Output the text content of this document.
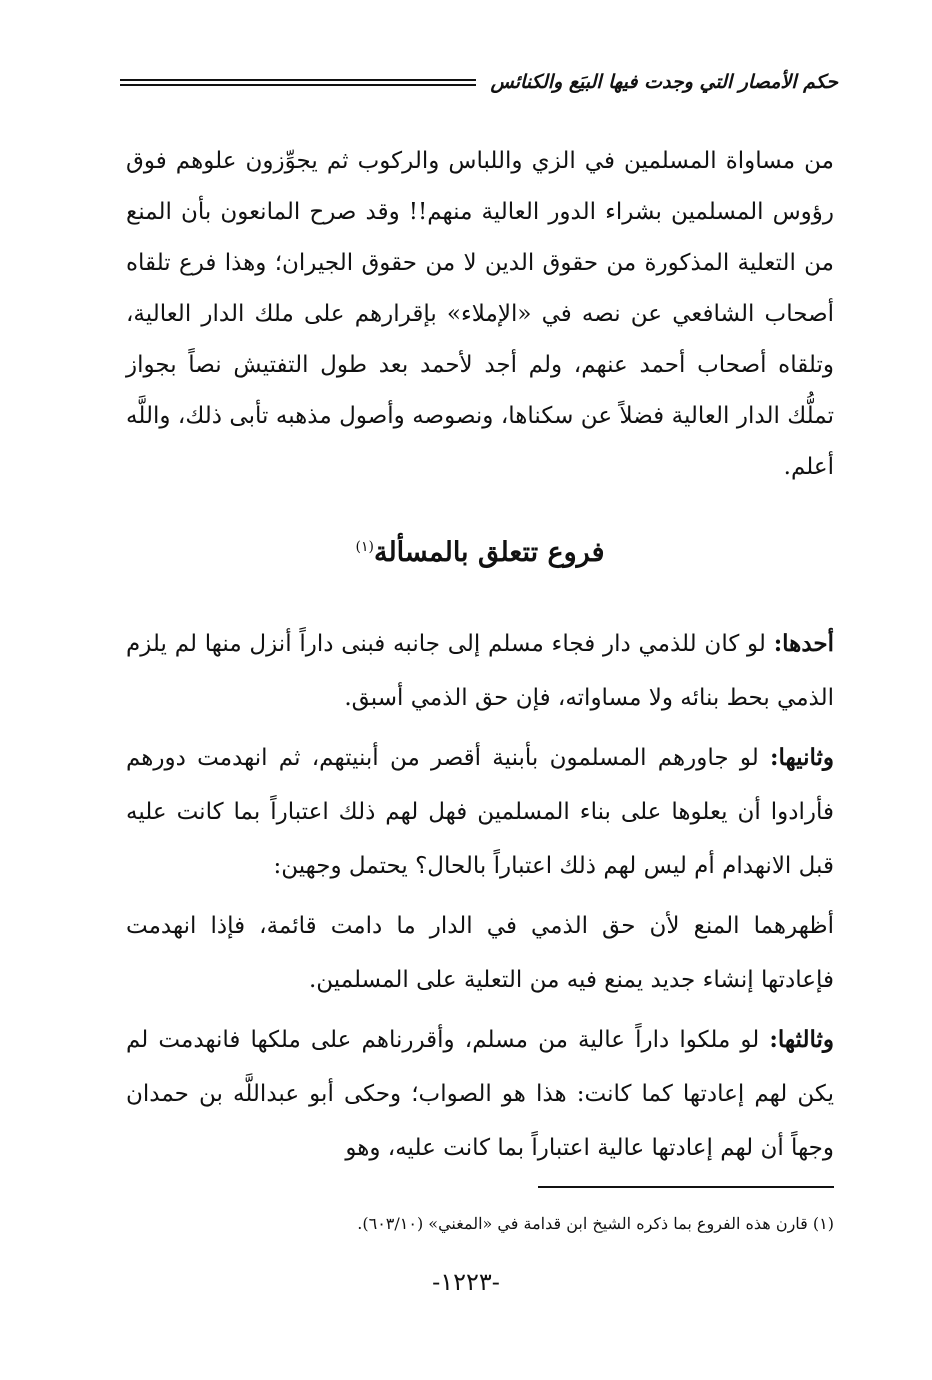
حكم الأمصار التي وجدت فيها البيَع والكنائس

من مساواة المسلمين في الزي واللباس والركوب ثم يجوِّزون علوهم فوق رؤوس المسلمين بشراء الدور العالية منهم!! وقد صرح المانعون بأن المنع من التعلية المذكورة من حقوق الدين لا من حقوق الجيران؛ وهذا فرع تلقاه أصحاب الشافعي عن نصه في «الإملاء» بإقرارهم على ملك الدار العالية، وتلقاه أصحاب أحمد عنهم، ولم أجد لأحمد بعد طول التفتيش نصاً بجواز تملُّك الدار العالية فضلاً عن سكناها، ونصوصه وأصول مذهبه تأبى ذلك، واللَّه أعلم.

فروع تتعلق بالمسألة$^{(١)}$

أحدها: لو كان للذمي دار فجاء مسلم إلى جانبه فبنى داراً أنزل منها لم يلزم الذمي بحط بنائه ولا مساواته، فإن حق الذمي أسبق.

وثانيها: لو جاورهم المسلمون بأبنية أقصر من أبنيتهم، ثم انهدمت دورهم فأرادوا أن يعلوها على بناء المسلمين فهل لهم ذلك اعتباراً بما كانت عليه قبل الانهدام أم ليس لهم ذلك اعتباراً بالحال؟ يحتمل وجهين:

أظهرهما المنع لأن حق الذمي في الدار ما دامت قائمة، فإذا انهدمت فإعادتها إنشاء جديد يمنع فيه من التعلية على المسلمين.

وثالثها: لو ملكوا داراً عالية من مسلم، وأقررناهم على ملكها فانهدمت لم يكن لهم إعادتها كما كانت: هذا هو الصواب؛ وحكى أبو عبداللَّه بن حمدان وجهاً أن لهم إعادتها عالية اعتباراً بما كانت عليه، وهو

(١) قارن هذه الفروع بما ذكره الشيخ ابن قدامة في «المغني» (٦٠٣/١٠).
-١٢٢٣-
